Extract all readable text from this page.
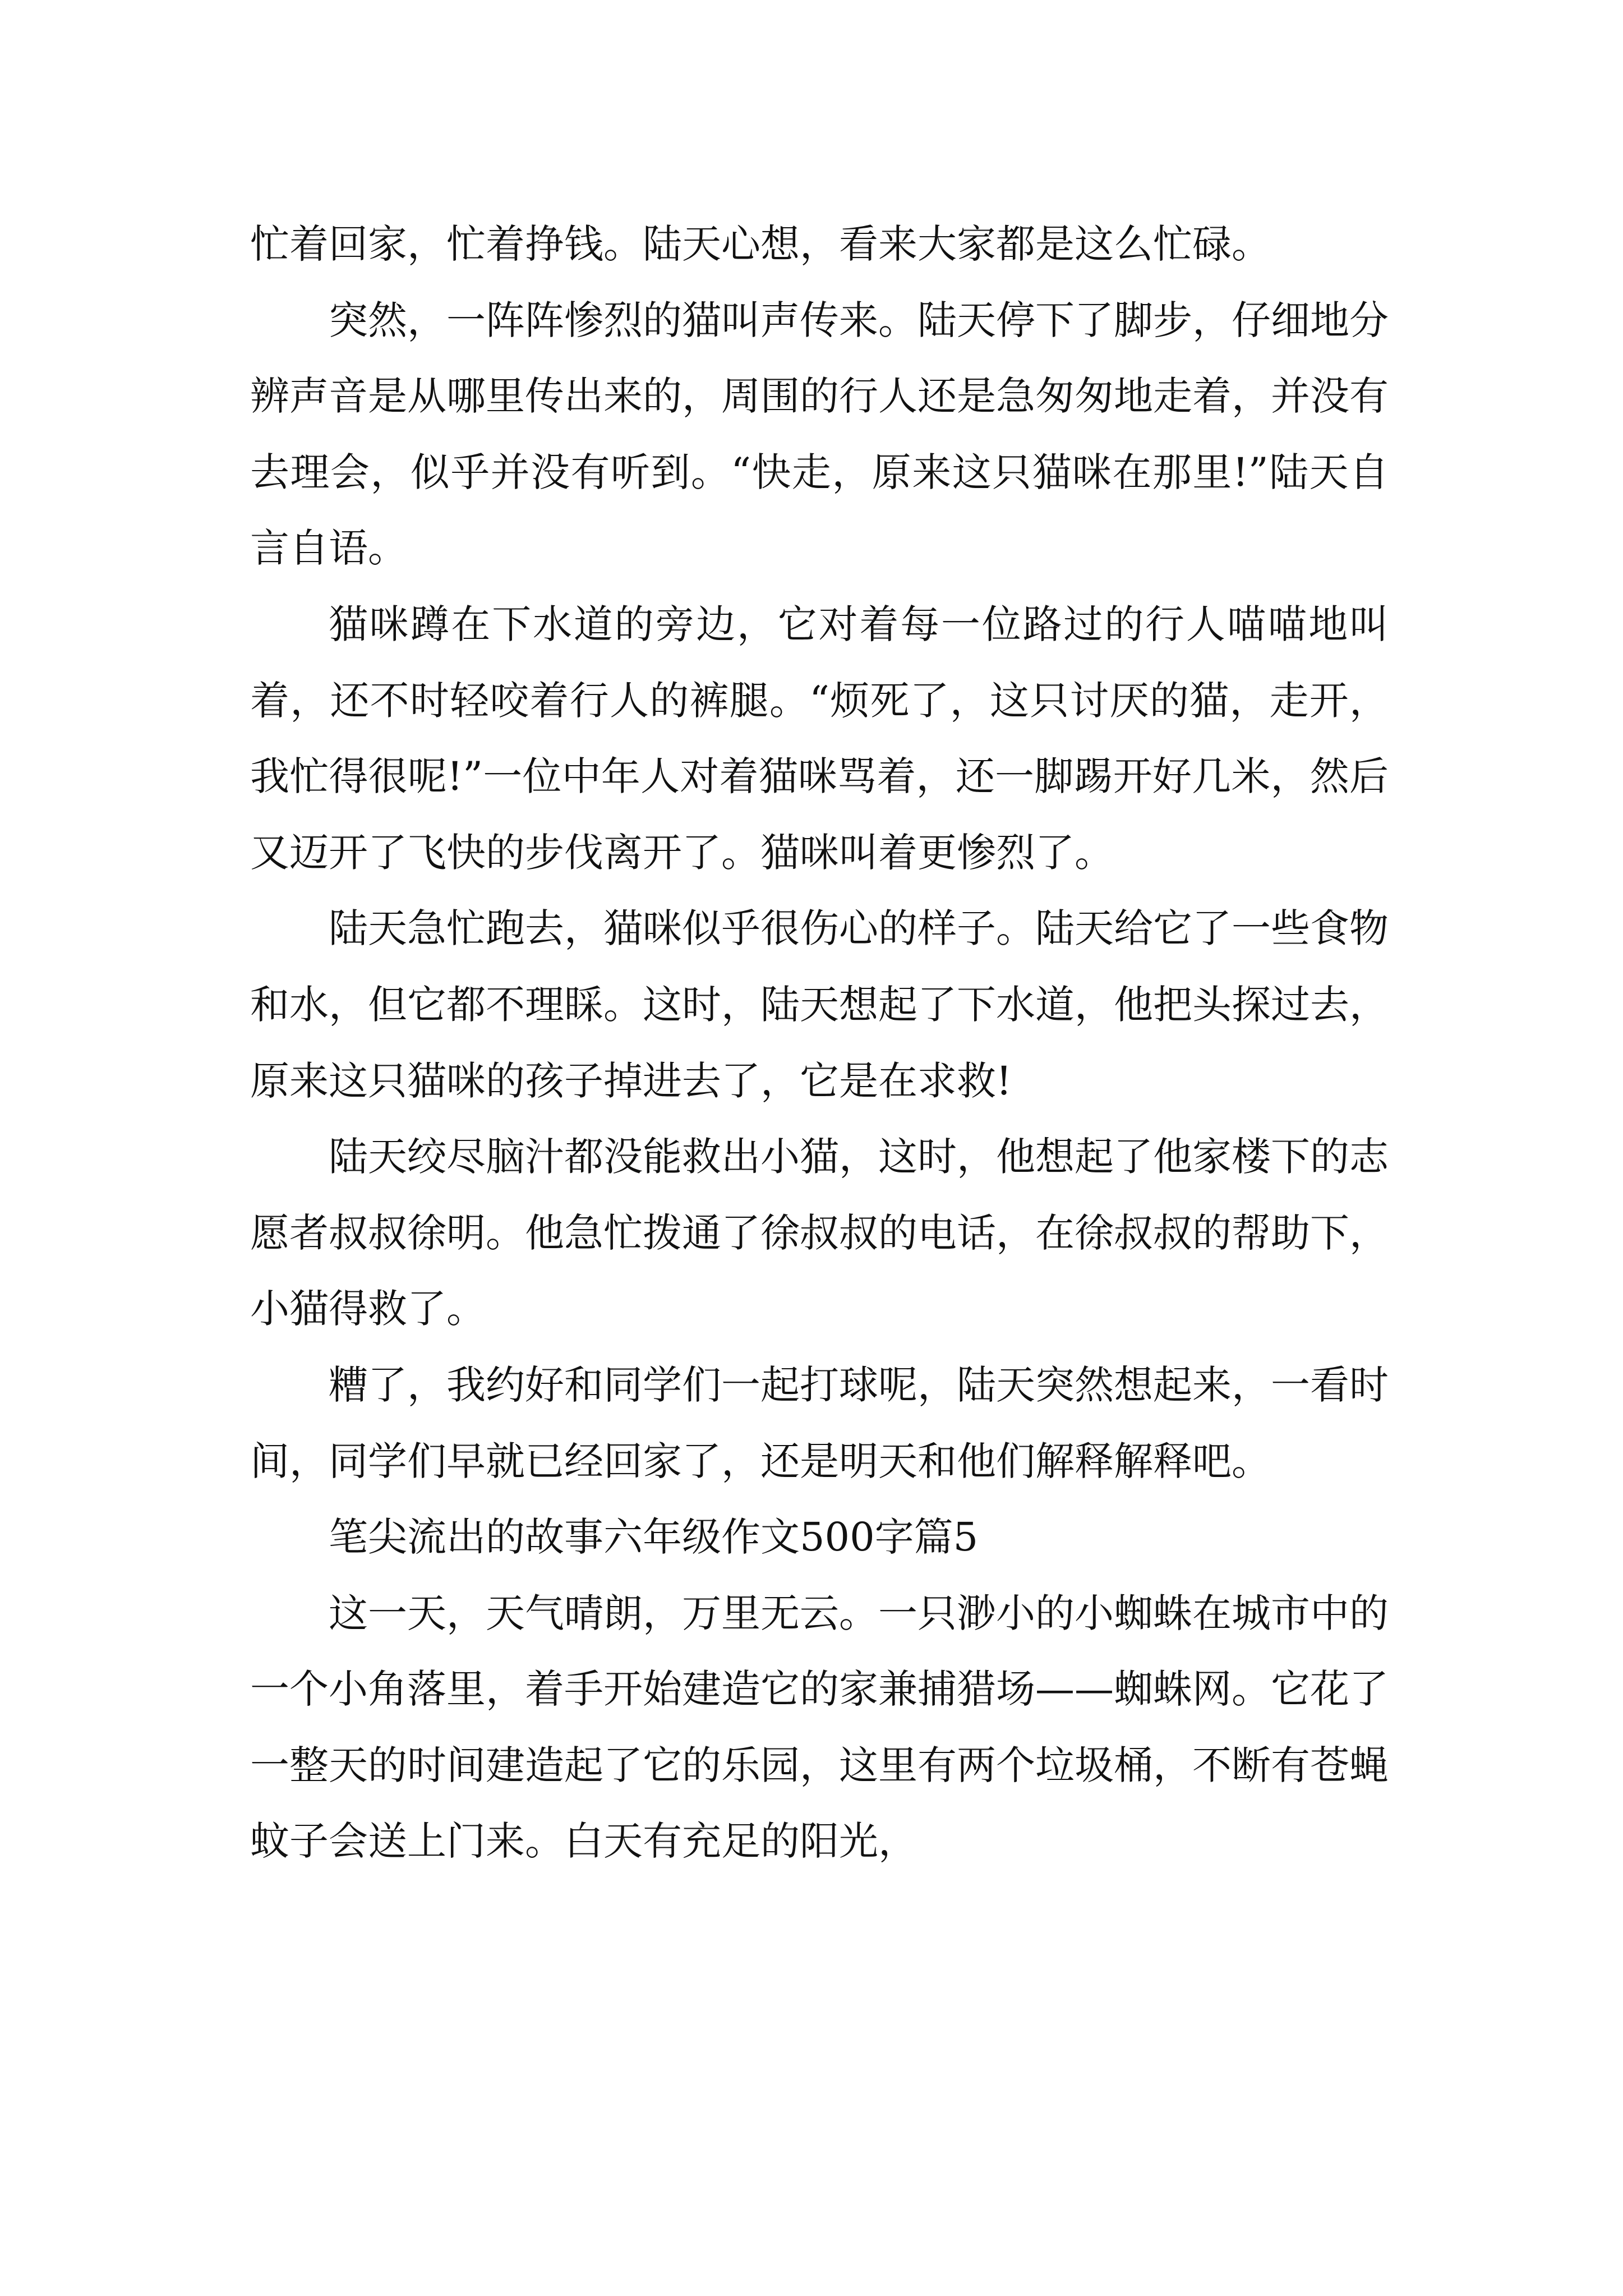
忙着回家，忙着挣钱。陆天心想，看来大家都是这么忙碌。

突然，一阵阵惨烈的猫叫声传来。陆天停下了脚步，仔细地分辨声音是从哪里传出来的，周围的行人还是急匆匆地走着，并没有去理会，似乎并没有听到。“快走，原来这只猫咪在那里!”陆天自言自语。

猫咪蹲在下水道的旁边，它对着每一位路过的行人喵喵地叫着，还不时轻咬着行人的裤腿。“烦死了，这只讨厌的猫，走开，我忙得很呢!”一位中年人对着猫咪骂着，还一脚踢开好几米，然后又迈开了飞快的步伐离开了。猫咪叫着更惨烈了。

陆天急忙跑去，猫咪似乎很伤心的样子。陆天给它了一些食物和水，但它都不理睬。这时，陆天想起了下水道，他把头探过去，原来这只猫咪的孩子掉进去了，它是在求救!

陆天绞尽脑汁都没能救出小猫，这时，他想起了他家楼下的志愿者叔叔徐明。他急忙拨通了徐叔叔的电话，在徐叔叔的帮助下，小猫得救了。

糟了，我约好和同学们一起打球呢，陆天突然想起来，一看时间，同学们早就已经回家了，还是明天和他们解释解释吧。

笔尖流出的故事六年级作文500字篇5

这一天，天气晴朗，万里无云。一只渺小的小蜘蛛在城市中的一个小角落里，着手开始建造它的家兼捕猎场——蜘蛛网。它花了一整天的时间建造起了它的乐园，这里有两个垃圾桶，不断有苍蝇蚊子会送上门来。白天有充足的阳光，
